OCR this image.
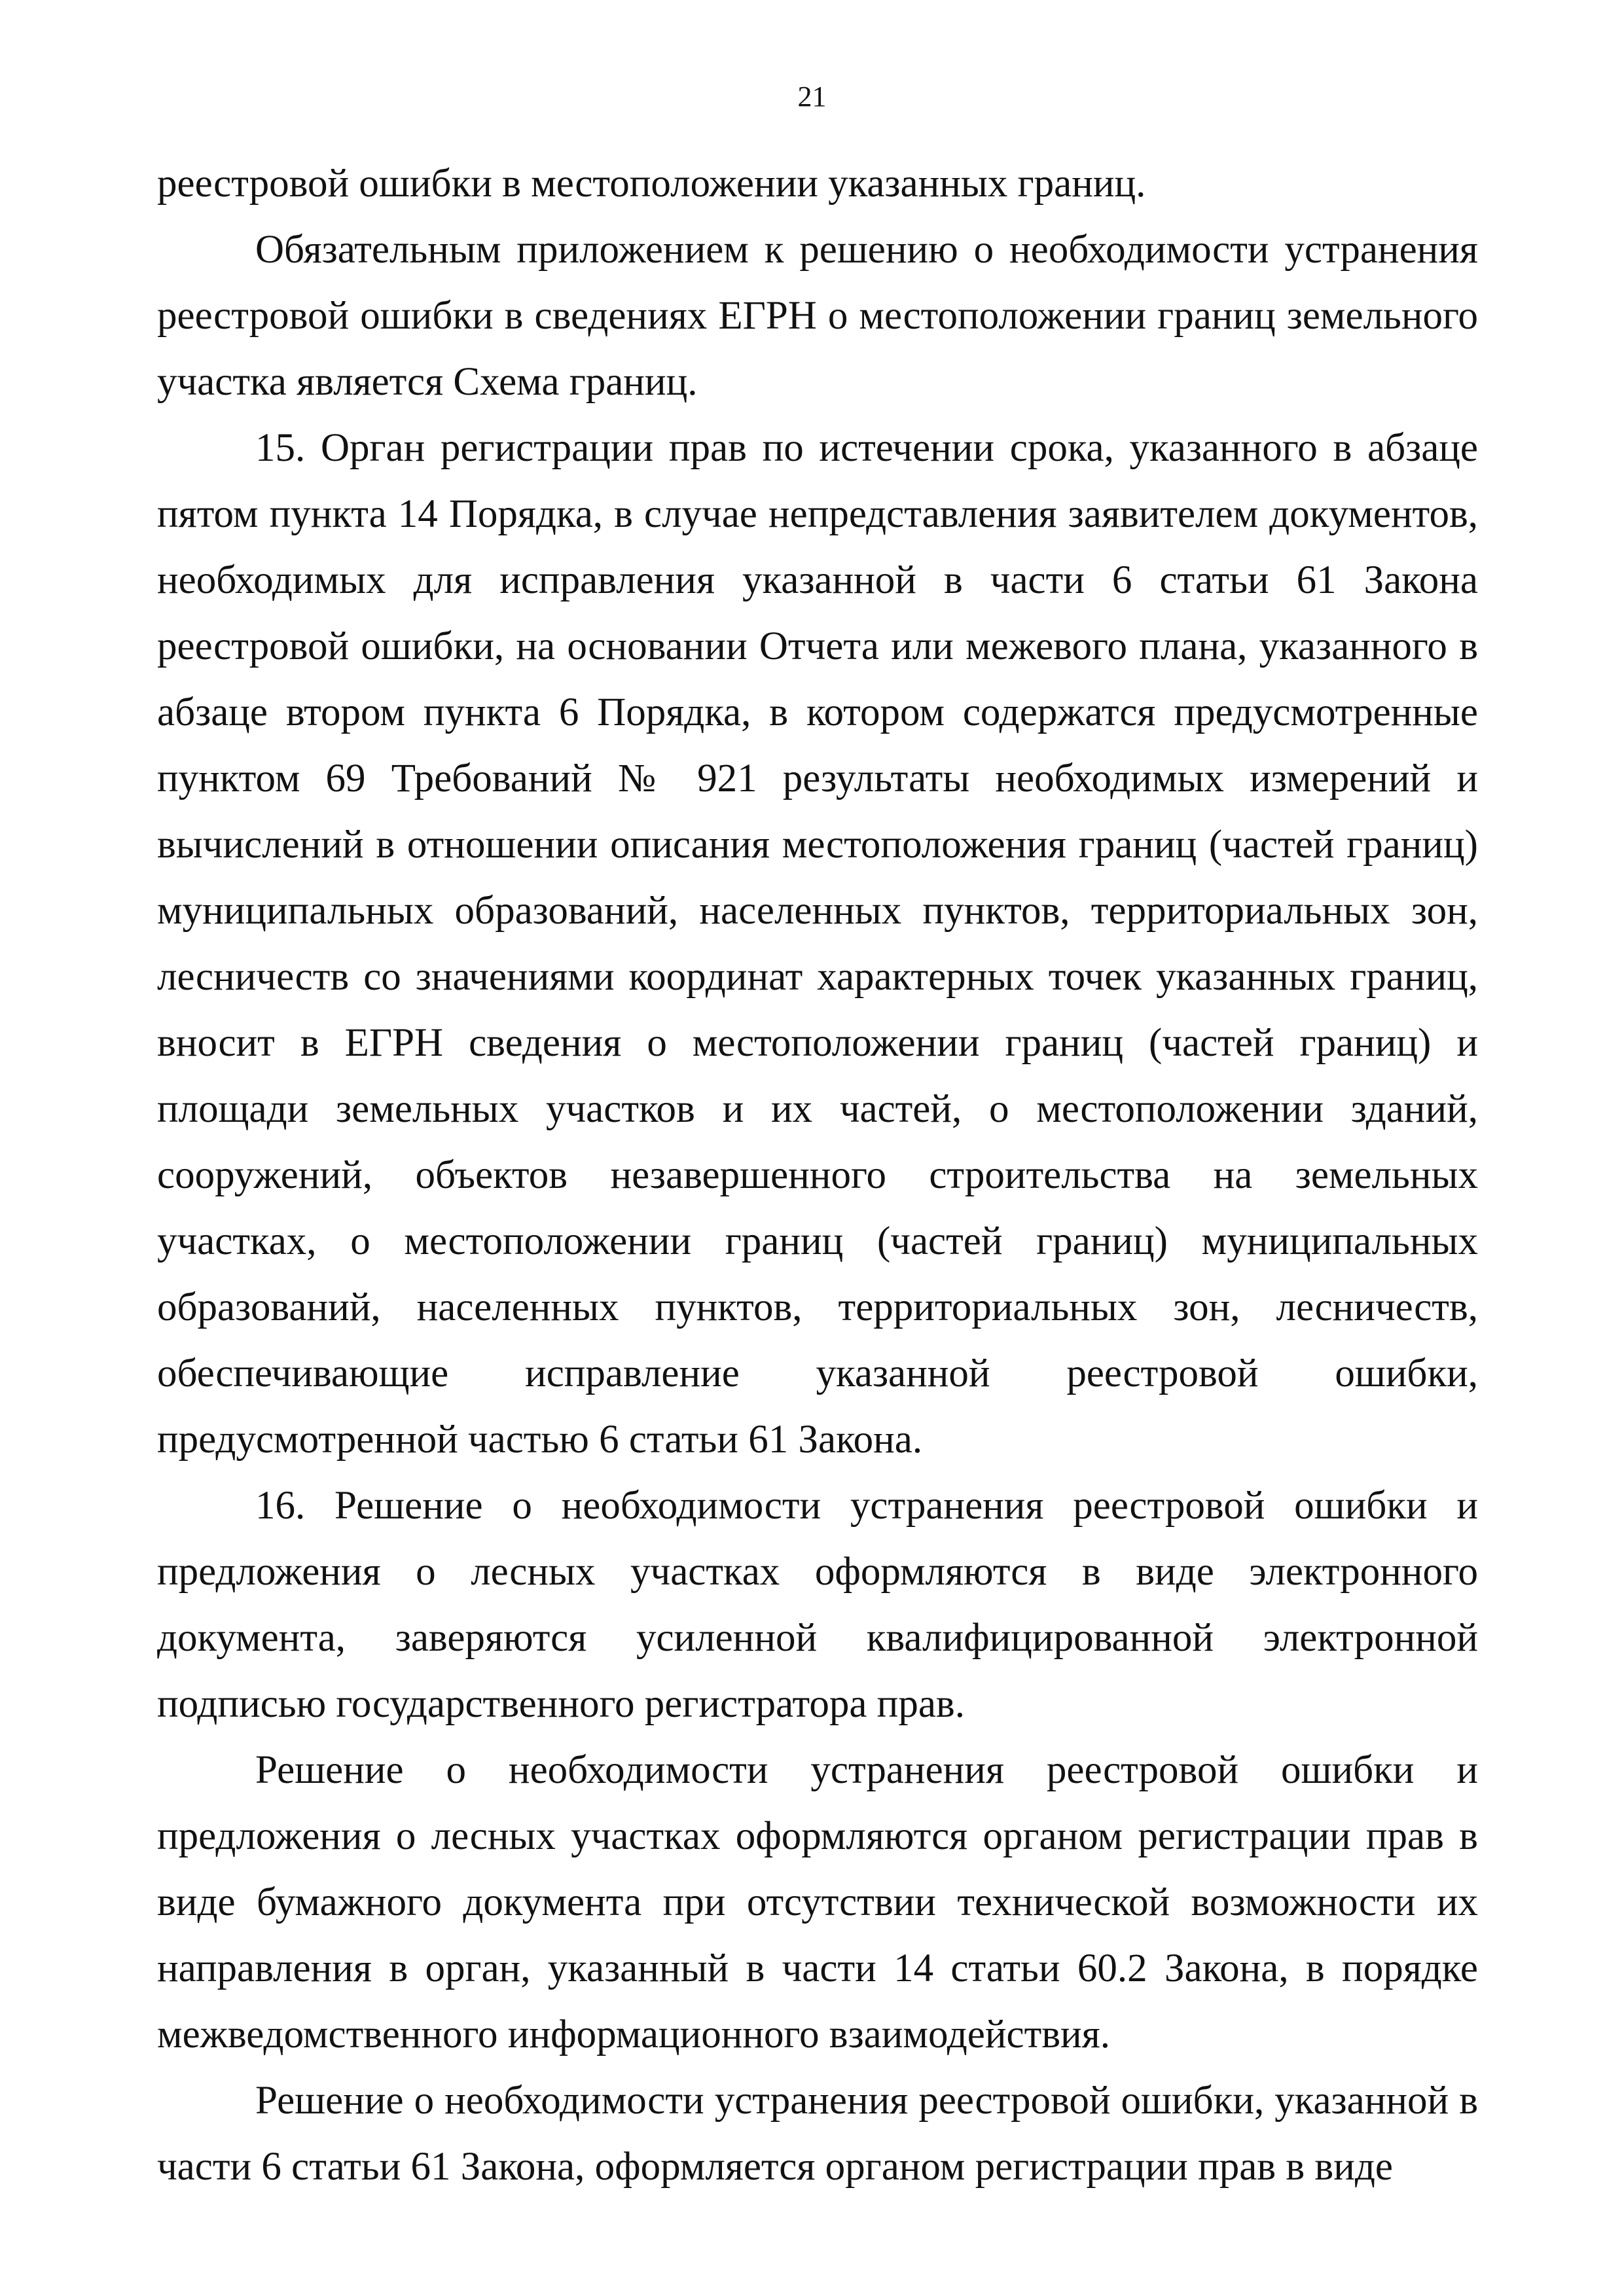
21

реестровой ошибки в местоположении указанных границ.

Обязательным приложением к решению о необходимости устранения реестровой ошибки в сведениях ЕГРН о местоположении границ земельного участка является Схема границ.

15. Орган регистрации прав по истечении срока, указанного в абзаце пятом пункта 14 Порядка, в случае непредставления заявителем документов, необходимых для исправления указанной в части 6 статьи 61 Закона реестровой ошибки, на основании Отчета или межевого плана, указанного в абзаце втором пункта 6 Порядка, в котором содержатся предусмотренные пунктом 69 Требований № 921 результаты необходимых измерений и вычислений в отношении описания местоположения границ (частей границ) муниципальных образований, населенных пунктов, территориальных зон, лесничеств со значениями координат характерных точек указанных границ, вносит в ЕГРН сведения о местоположении границ (частей границ) и площади земельных участков и их частей, о местоположении зданий, сооружений, объектов незавершенного строительства на земельных участках, о местоположении границ (частей границ) муниципальных образований, населенных пунктов, территориальных зон, лесничеств, обеспечивающие исправление указанной реестровой ошибки, предусмотренной частью 6 статьи 61 Закона.

16. Решение о необходимости устранения реестровой ошибки и предложения о лесных участках оформляются в виде электронного документа, заверяются усиленной квалифицированной электронной подписью государственного регистратора прав.

Решение о необходимости устранения реестровой ошибки и предложения о лесных участках оформляются органом регистрации прав в виде бумажного документа при отсутствии технической возможности их направления в орган, указанный в части 14 статьи 60.2 Закона, в порядке межведомственного информационного взаимодействия.

Решение о необходимости устранения реестровой ошибки, указанной в части 6 статьи 61 Закона, оформляется органом регистрации прав в виде
